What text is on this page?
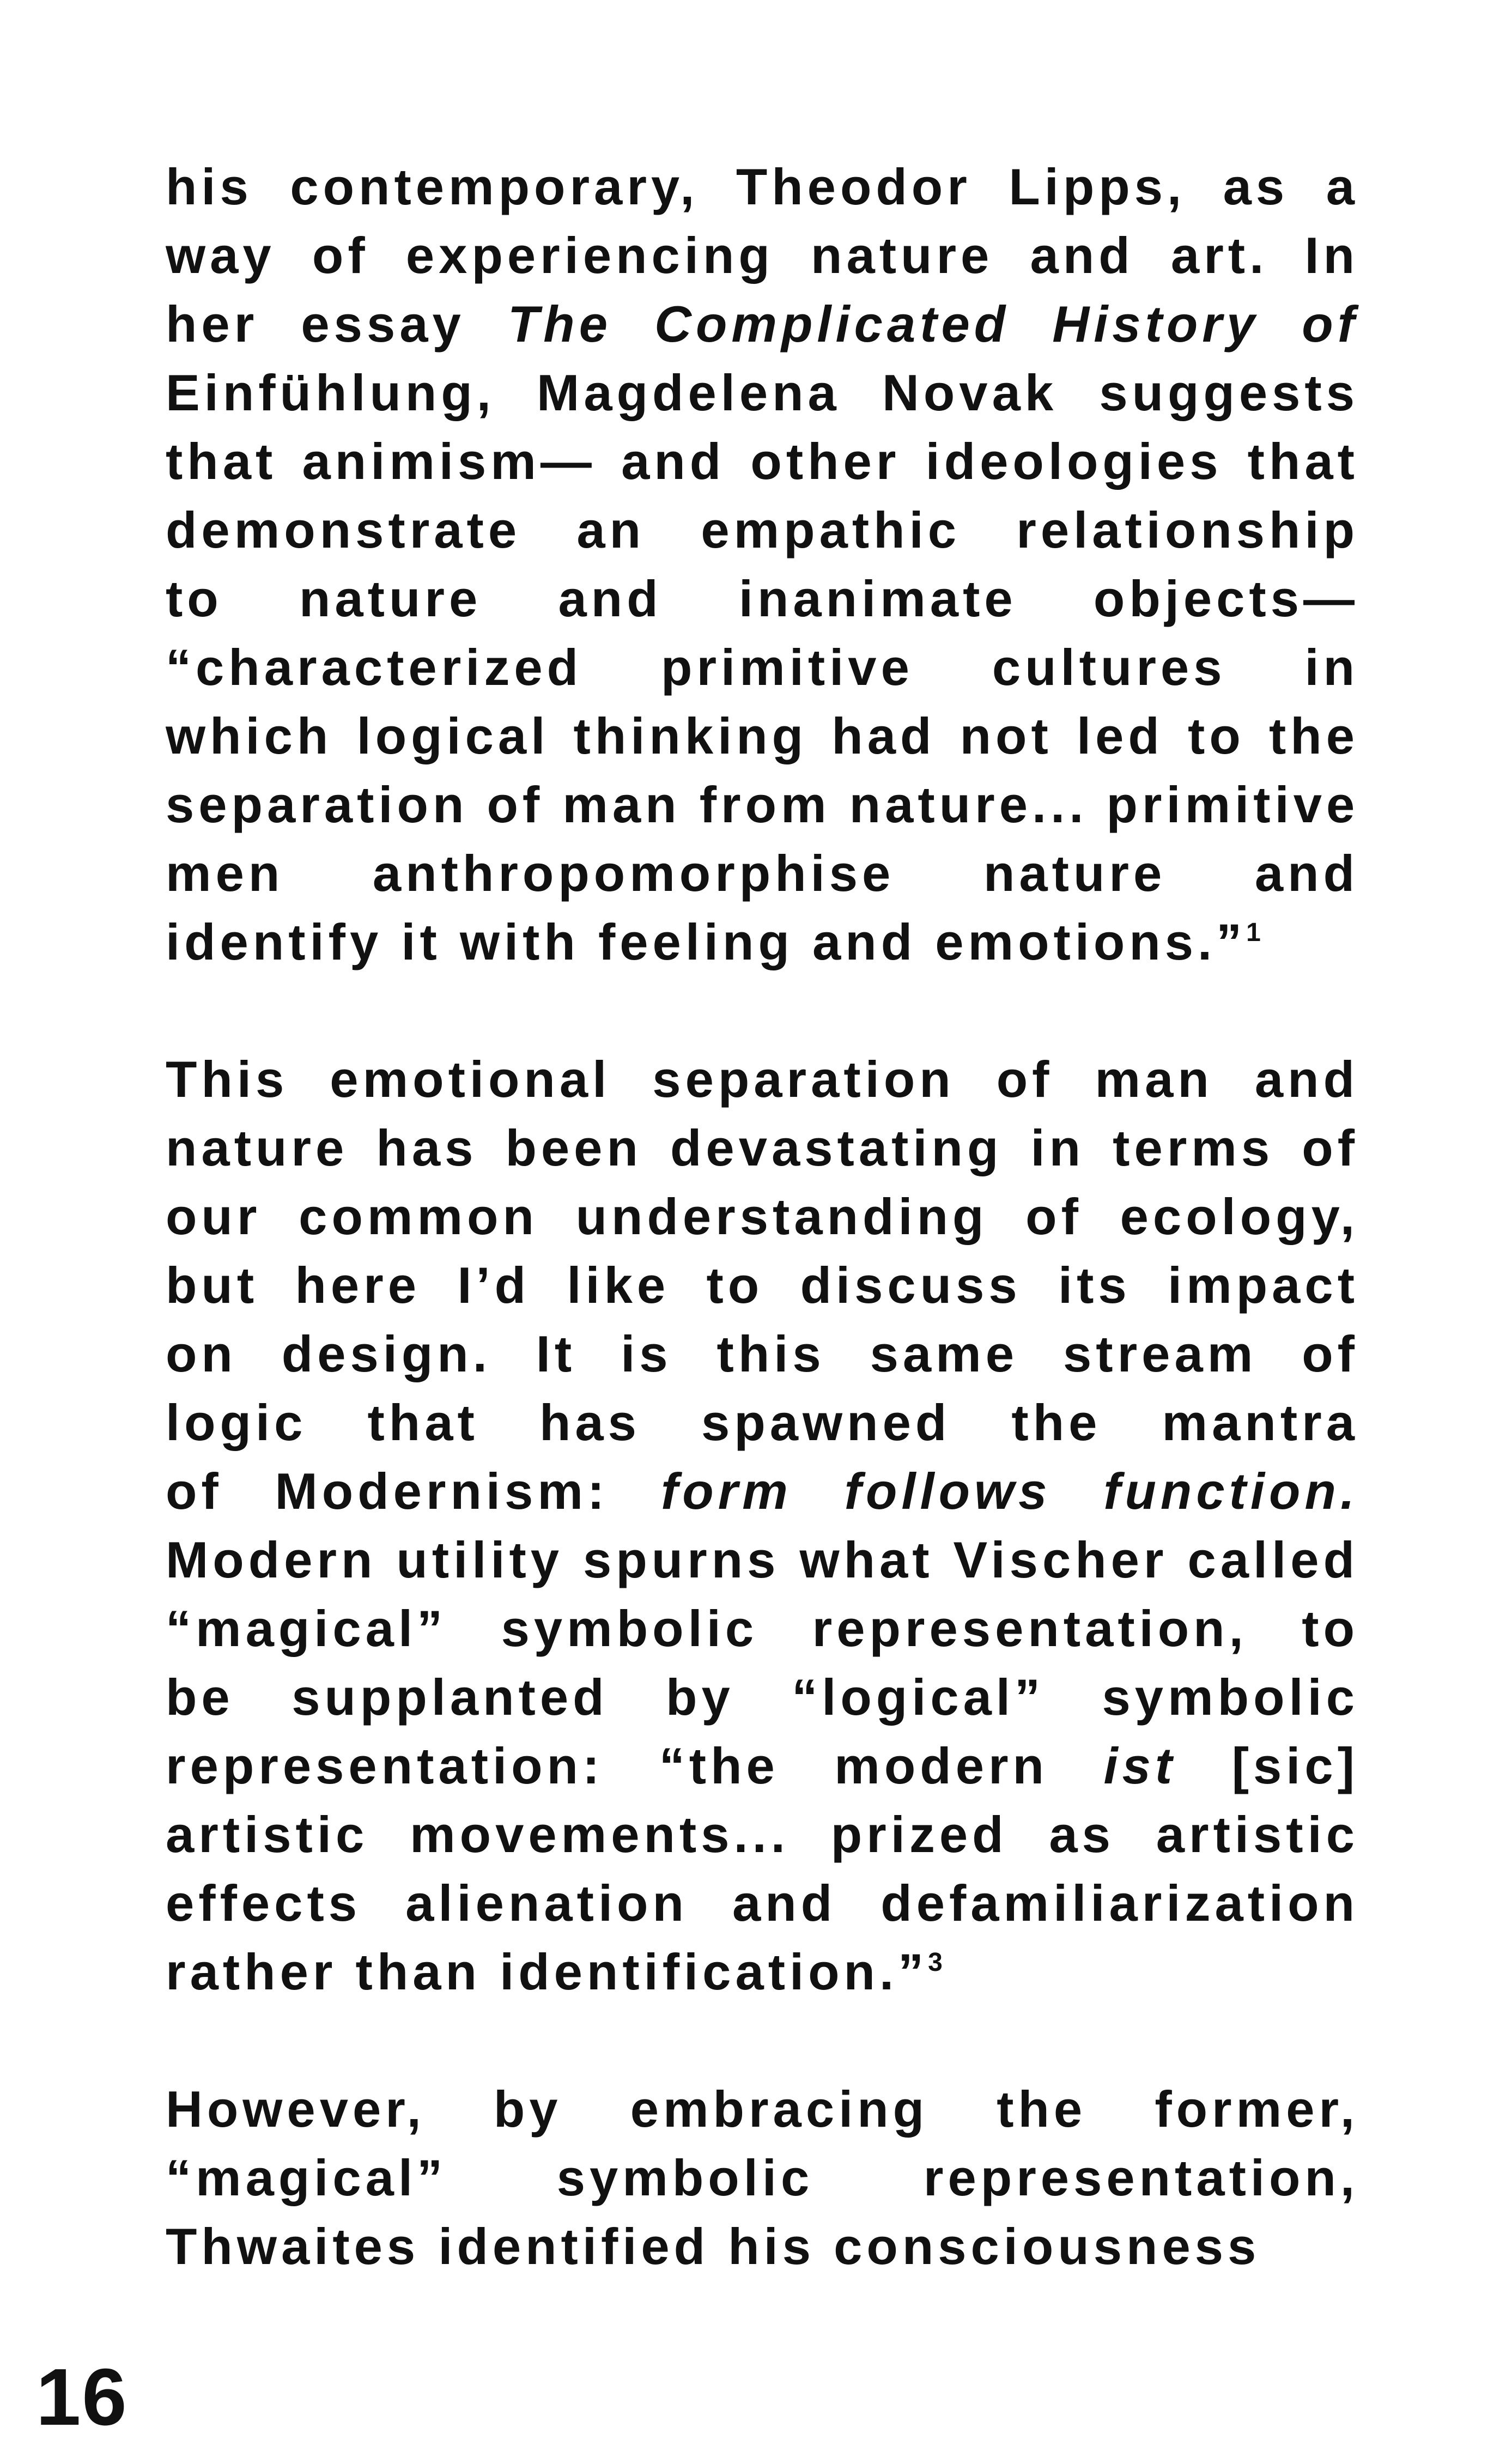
his contemporary, Theodor Lipps, as a
way of experiencing nature and art. In
her essay The Complicated History of
Einfühlung, Magdelena Novak suggests
that animism— and other ideologies that
demonstrate an empathic relationship
to nature and inanimate objects—
“characterized primitive cultures in
which logical thinking had not led to the
separation of man from nature... primitive
men anthropomorphise nature and
identify it with feeling and emotions.”$^1$
This emotional separation of man and
nature has been devastating in terms of
our common understanding of ecology,
but here I’d like to discuss its impact
on design. It is this same stream of
logic that has spawned the mantra
of Modernism: form follows function.
Modern utility spurns what Vischer called
“magical” symbolic representation, to
be supplanted by “logical” symbolic
representation: “the modern ist [sic]
artistic movements... prized as artistic
effects alienation and defamiliarization
rather than identification.”$^3$
However, by embracing the former,
“magical” symbolic representation,
Thwaites identified his consciousness
16
